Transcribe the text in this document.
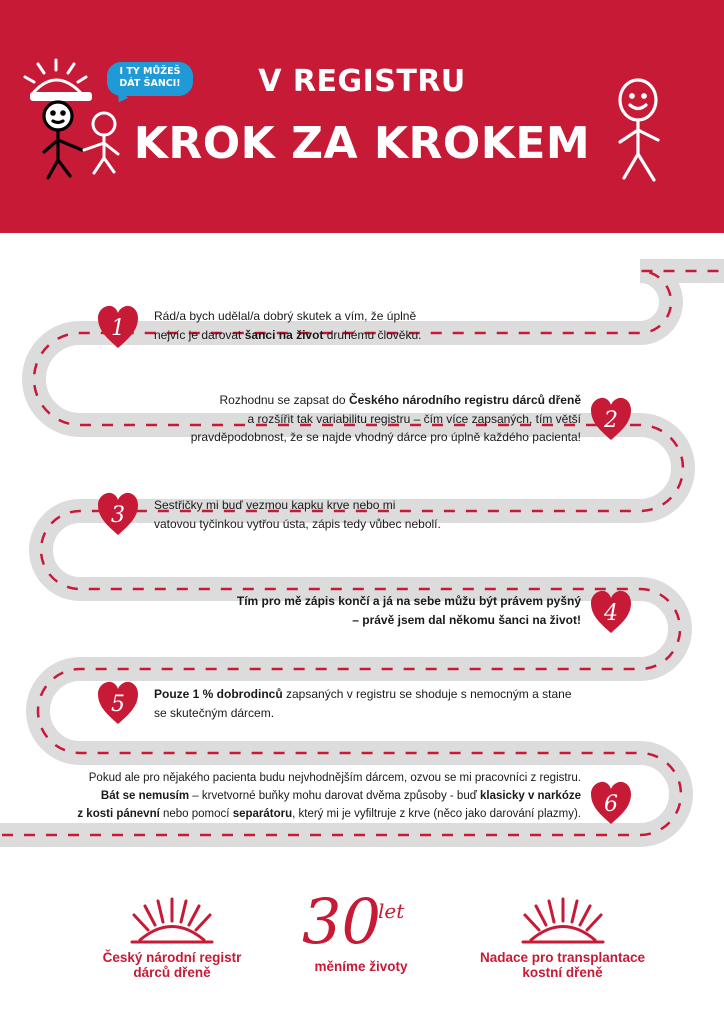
I TY MŮŽEŠ
DÁT ŠANCI!	V REGISTRU
KROK ZA KROKEM
1 Rád/a bych udělal/a dobrý skutek a vím, že úplně
nejvíc je darovat šanci na život druhému člověku.
2
Rozhodnu se zapsat do Českého národního registru dárců dřeně
a rozšířit tak variabilitu registru – čím více zapsaných, tím větší
pravděpodobnost, že se najde vhodný dárce pro úplně každého pacienta!
3 Sestřičky mi buď vezmou kapku krve nebo mi
vatovou tyčinkou vytřou ústa, zápis tedy vůbec nebolí.
4
Tím pro mě zápis končí a já na sebe můžu být právem pyšný
– právě jsem dal někomu šanci na život!
5 Pouze 1 % dobrodinců zapsaných v registru se shoduje s nemocným a stane
se skutečným dárcem.
6
Pokud ale pro nějakého pacienta budu nejvhodnějším dárcem, ozvou se mi pracovníci z registru.
Bát se nemusím – krvetvorné buňky mohu darovat dvěma způsoby - buď klasicky v narkóze
z kosti pánevní nebo pomocí separátoru, který mi je vyfiltruje z krve (něco jako darování plazmy).
Český národní registr
dárců dřeně
30
let
měníme životy
Nadace pro transplantace
kostní dřeně
